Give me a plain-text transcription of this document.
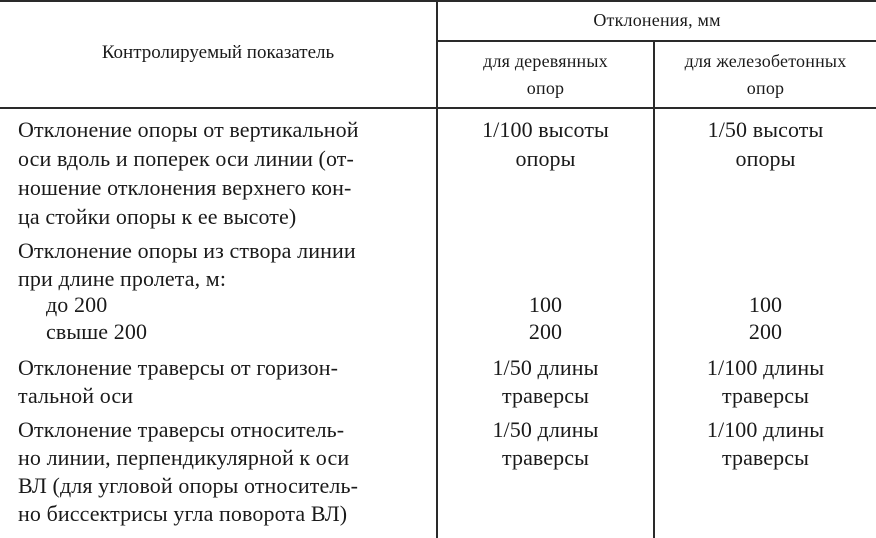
Контролируемый показатель
Отклонения, мм
для деревянных
опор
для железобетонных
опор
Отклонение опоры от вертикальной
оси вдоль и поперек оси линии (от-
ношение отклонения верхнего кон-
ца стойки опоры к ее высоте)
1/100 высоты
опоры
1/50 высоты
опоры
Отклонение опоры из створа линии
при длине пролета, м:
до 200
свыше 200
100
200
100
200
Отклонение траверсы от горизон-
тальной оси
1/50 длины
траверсы
1/100 длины
траверсы
Отклонение траверсы относитель-
но линии, перпендикулярной к оси
ВЛ (для угловой опоры относитель-
но биссектрисы угла поворота ВЛ)
1/50 длины
траверсы
1/100 длины
траверсы
